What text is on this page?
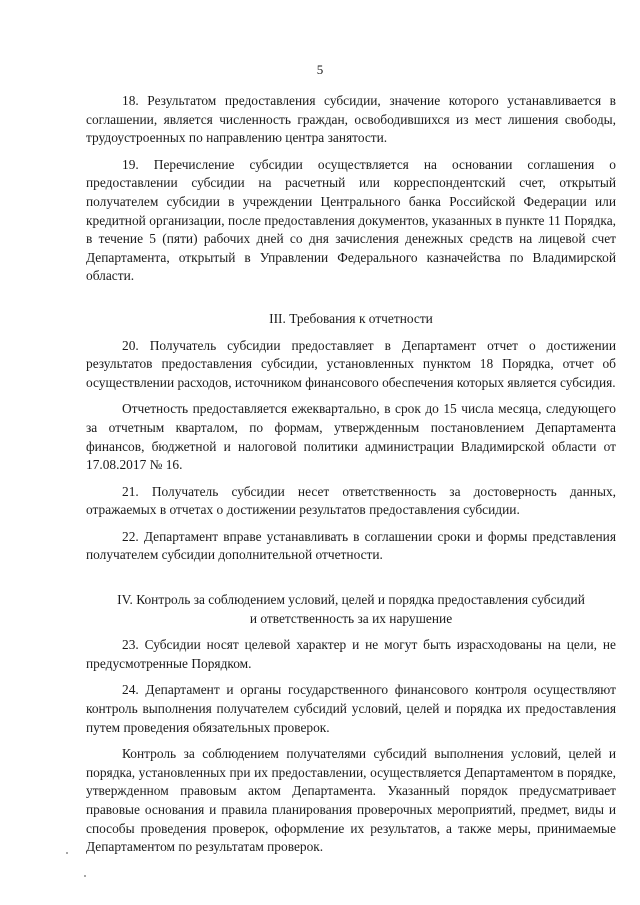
5

18. Результатом предоставления субсидии, значение которого устанавливается в соглашении, является численность граждан, освободившихся из мест лишения свободы, трудоустроенных по направлению центра занятости.

19. Перечисление субсидии осуществляется на основании соглашения о предоставлении субсидии на расчетный или корреспондентский счет, открытый получателем субсидии в учреждении Центрального банка Российской Федерации или кредитной организации, после предоставления документов, указанных в пункте 11 Порядка, в течение 5 (пяти) рабочих дней со дня зачисления денежных средств на лицевой счет Департамента, открытый в Управлении Федерального казначейства по Владимирской области.

III. Требования к отчетности

20. Получатель субсидии предоставляет в Департамент отчет о достижении результатов предоставления субсидии, установленных пунктом 18 Порядка, отчет об осуществлении расходов, источником финансового обеспечения которых является субсидия.

Отчетность предоставляется ежеквартально, в срок до 15 числа месяца, следующего за отчетным кварталом, по формам, утвержденным постановлением Департамента финансов, бюджетной и налоговой политики администрации Владимирской области от 17.08.2017 № 16.

21. Получатель субсидии несет ответственность за достоверность данных, отражаемых в отчетах о достижении результатов предоставления субсидии.

22. Департамент вправе устанавливать в соглашении сроки и формы представления получателем субсидии дополнительной отчетности.

IV. Контроль за соблюдением условий, целей и порядка предоставления субсидий и ответственность за их нарушение

23. Субсидии носят целевой характер и не могут быть израсходованы на цели, не предусмотренные Порядком.

24. Департамент и органы государственного финансового контроля осуществляют контроль выполнения получателем субсидий условий, целей и порядка их предоставления путем проведения обязательных проверок.

Контроль за соблюдением получателями субсидий выполнения условий, целей и порядка, установленных при их предоставлении, осуществляется Департаментом в порядке, утвержденном правовым актом Департамента. Указанный порядок предусматривает правовые основания и правила планирования проверочных мероприятий, предмет, виды и способы проведения проверок, оформление их результатов, а также меры, принимаемые Департаментом по результатам проверок.
